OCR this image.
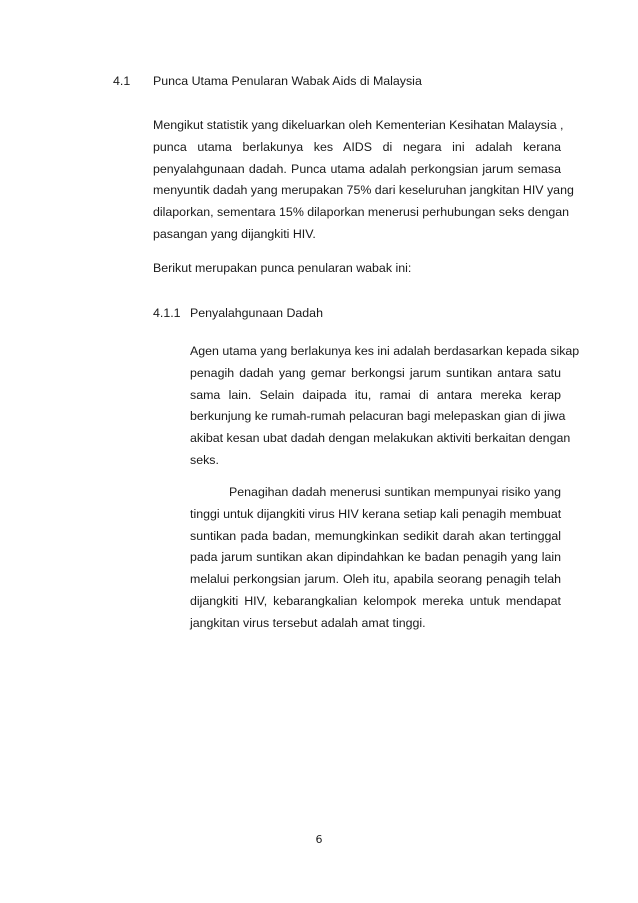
4.1 Punca Utama Penularan Wabak Aids di Malaysia
Mengikut statistik yang dikeluarkan oleh Kementerian Kesihatan Malaysia ,
punca utama berlakunya kes AIDS di negara ini adalah kerana
penyalahgunaan dadah. Punca utama adalah perkongsian jarum semasa
menyuntik dadah yang merupakan 75% dari keseluruhan jangkitan HIV yang
dilaporkan, sementara 15% dilaporkan menerusi perhubungan seks dengan
pasangan yang dijangkiti HIV.
Berikut merupakan punca penularan wabak ini:
4.1.1 Penyalahgunaan Dadah
Agen utama yang berlakunya kes ini adalah berdasarkan kepada sikap
penagih dadah yang gemar berkongsi jarum suntikan antara satu
sama lain. Selain daipada itu, ramai di antara mereka kerap
berkunjung ke rumah-rumah pelacuran bagi melepaskan gian di jiwa
akibat kesan ubat dadah dengan melakukan aktiviti berkaitan dengan
seks.
Penagihan dadah menerusi suntikan mempunyai risiko yang
tinggi untuk dijangkiti virus HIV kerana setiap kali penagih membuat
suntikan pada badan, memungkinkan sedikit darah akan tertinggal
pada jarum suntikan akan dipindahkan ke badan penagih yang lain
melalui perkongsian jarum. Oleh itu, apabila seorang penagih telah
dijangkiti HIV, kebarangkalian kelompok mereka untuk mendapat
jangkitan virus tersebut adalah amat tinggi.
6
